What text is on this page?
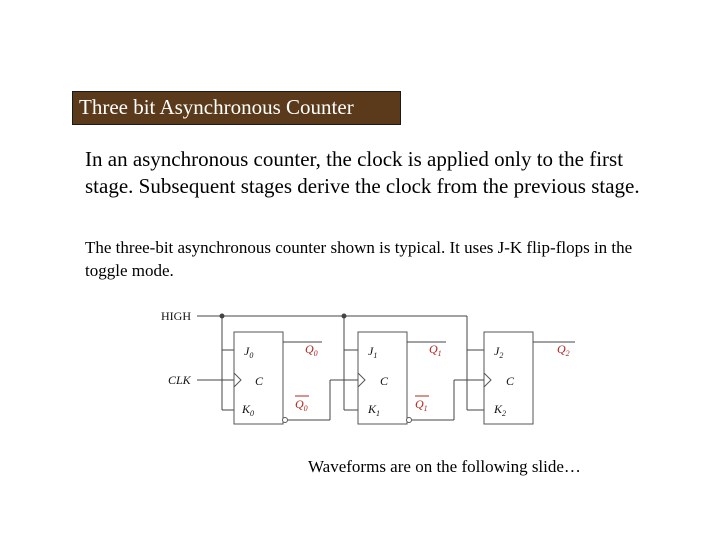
Three bit Asynchronous Counter
In an asynchronous counter, the clock is applied only to the first stage. Subsequent stages derive the clock from the previous stage.
The three-bit asynchronous counter shown is typical. It uses J-K flip-flops in the toggle mode.
HIGH
CLK
$J_0$
C
$K_0$
$Q_0$
$Q_0$
$J_1$
C
$K_1$
$Q_1$
$Q_1$
$J_2$
C
$K_2$
$Q_2$
Waveforms are on the following slide…
